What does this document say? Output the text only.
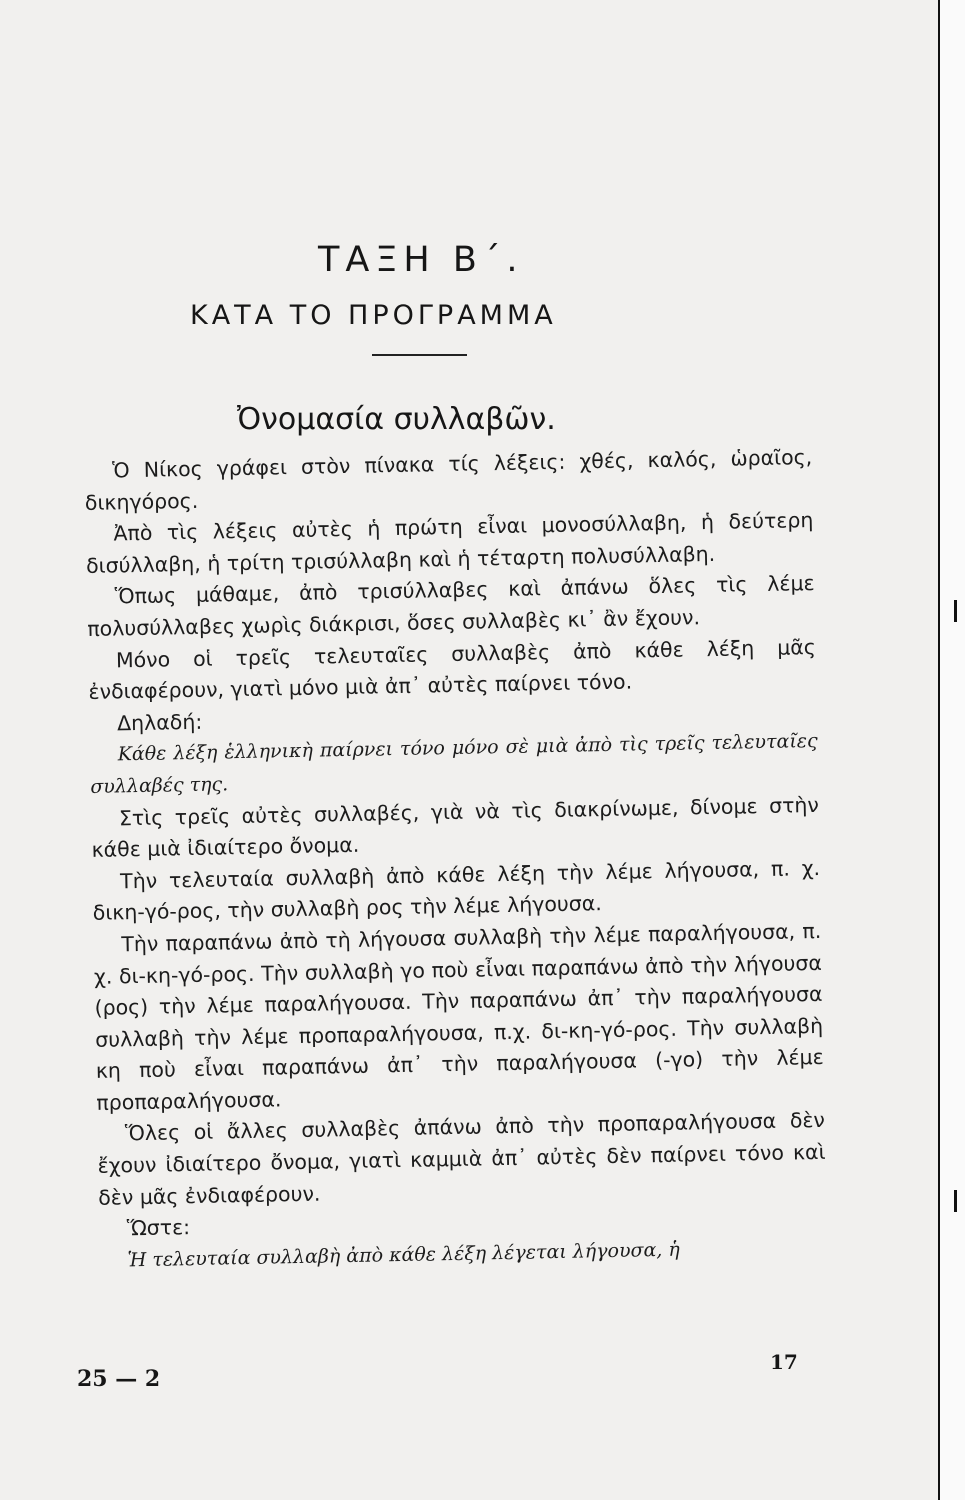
ΤΑΞΗ Β΄.
ΚΑΤΑ ΤΟ ΠΡΟΓΡΑΜΜΑ
Ὀνομασία συλλαβῶν.

Ὁ Νίκος γράφει στὸν πίνακα τίς λέξεις: χθές, καλός, ὡραῖος, δικηγόρος.

Ἀπὸ τὶς λέξεις αὐτὲς ἡ πρώτη εἶναι μονοσύλλαβη, ἡ δεύτερη δισύλλαβη, ἡ τρίτη τρισύλλαβη καὶ ἡ τέταρτη πολυσύλλαβη.

Ὅπως μάθαμε, ἀπὸ τρισύλλαβες καὶ ἀπάνω ὅλες τὶς λέμε πολυσύλλαβες χωρὶς διάκρισι, ὅσες συλλαβὲς κι᾿ ἂν ἔχουν.

Μόνο οἱ τρεῖς τελευταῖες συλλαβὲς ἀπὸ κάθε λέξη μᾶς ἐνδιαφέρουν, γιατὶ μόνο μιὰ ἀπ᾿ αὐτὲς παίρνει τόνο.

Δηλαδή:

Κάθε λέξη ἑλληνικὴ παίρνει τόνο μόνο σὲ μιὰ ἀπὸ τὶς τρεῖς τελευταῖες συλλαβές της.

Στὶς τρεῖς αὐτὲς συλλαβές, γιὰ νὰ τὶς διακρίνωμε, δίνομε στὴν κάθε μιὰ ἰδιαίτερο ὄνομα.

Τὴν τελευταία συλλαβὴ ἀπὸ κάθε λέξη τὴν λέμε λήγουσα, π. χ. δικη-γό-ρος, τὴν συλλαβὴ ρος τὴν λέμε λήγουσα.

Τὴν παραπάνω ἀπὸ τὴ λήγουσα συλλαβὴ τὴν λέμε παραλήγουσα, π. χ. δι-κη-γό-ρος. Τὴν συλλαβὴ γο ποὺ εἶναι παραπάνω ἀπὸ τὴν λήγουσα (ρος) τὴν λέμε παραλήγουσα. Τὴν παραπάνω ἀπ᾿ τὴν παραλήγουσα συλλαβὴ τὴν λέμε προπαραλήγουσα, π.χ. δι-κη-γό-ρος. Τὴν συλλαβὴ κη ποὺ εἶναι παραπάνω ἀπ᾿ τὴν παραλήγουσα (-γο) τὴν λέμε προπαραλήγουσα.

Ὅλες οἱ ἄλλες συλλαβὲς ἀπάνω ἀπὸ τὴν προπαραλήγουσα δὲν ἔχουν ἰδιαίτερο ὄνομα, γιατὶ καμμιὰ ἀπ᾿ αὐτὲς δὲν παίρνει τόνο καὶ δὲν μᾶς ἐνδιαφέρουν.

Ὥστε:

Ἡ τελευταία συλλαβὴ ἀπὸ κάθε λέξη λέγεται λήγουσα, ἡ

25 — 2
17
